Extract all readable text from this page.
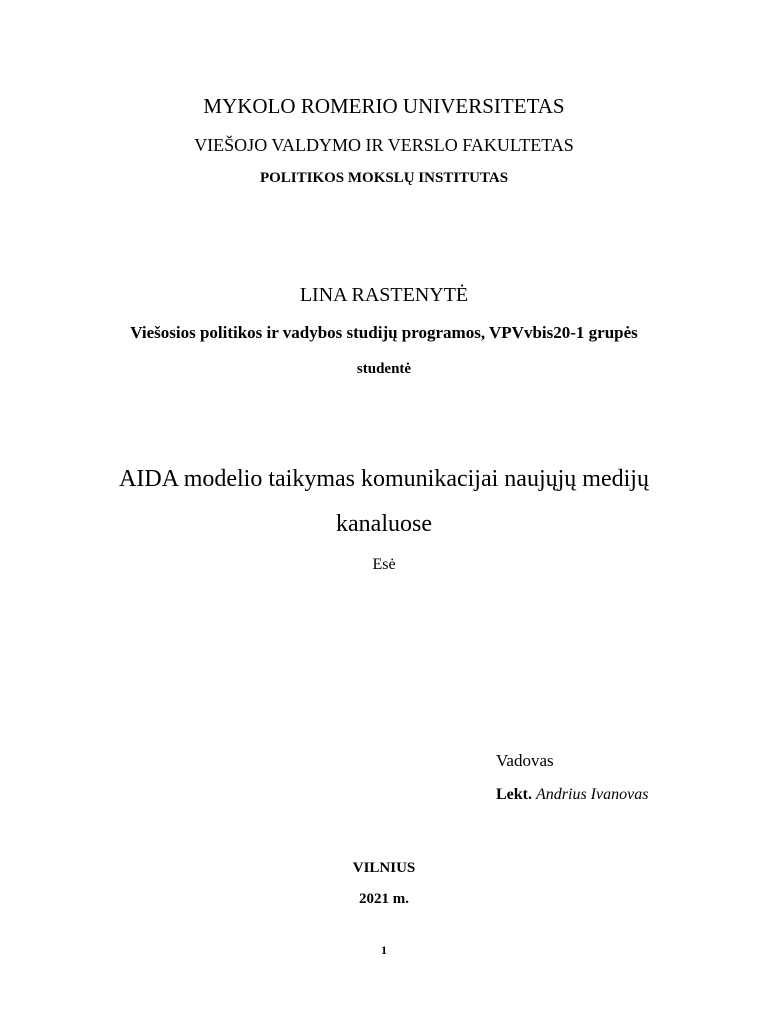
MYKOLO ROMERIO UNIVERSITETAS
VIEŠOJO VALDYMO IR VERSLO FAKULTETAS
POLITIKOS MOKSLŲ INSTITUTAS
LINA RASTENYTĖ
Viešosios politikos ir vadybos studijų programos, VPVvbis20-1 grupės
studentė
AIDA modelio taikymas komunikacijai naujųjų medijų
kanaluose
Esė
Vadovas
Lekt. Andrius Ivanovas
VILNIUS
2021 m.
1
